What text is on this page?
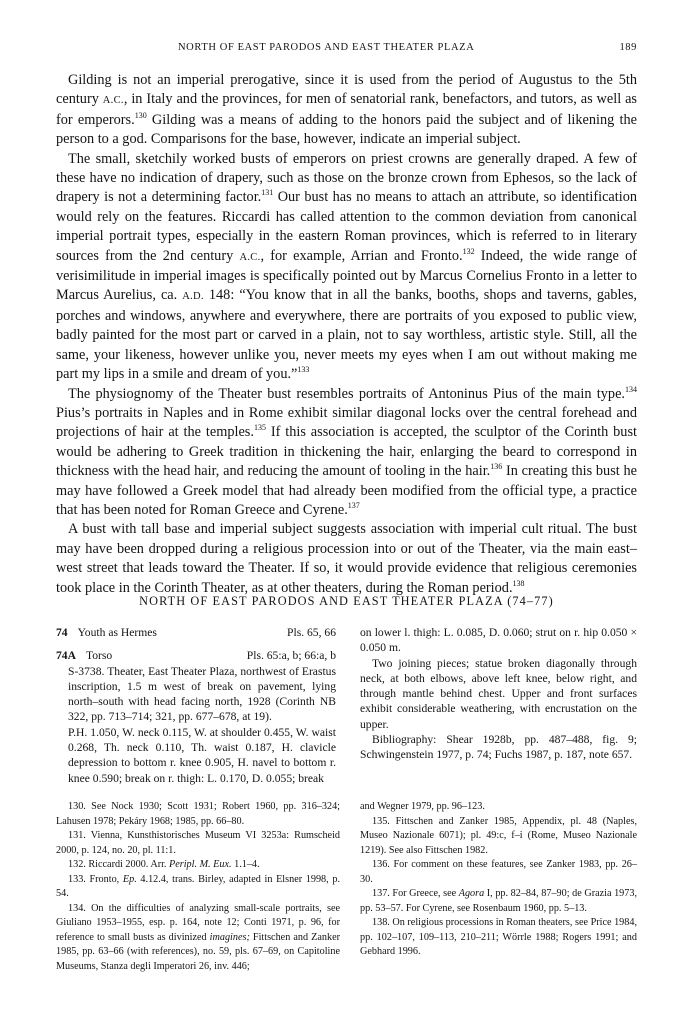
NORTH OF EAST PARODOS AND EAST THEATER PLAZA	189

Gilding is not an imperial prerogative, since it is used from the period of Augustus to the 5th century A.C., in Italy and the provinces, for men of senatorial rank, benefactors, and tutors, as well as for emperors.$^{130}$ Gilding was a means of adding to the honors paid the subject and of likening the person to a god. Comparisons for the base, however, indicate an imperial subject.

The small, sketchily worked busts of emperors on priest crowns are generally draped. A few of these have no indication of drapery, such as those on the bronze crown from Ephesos, so the lack of drapery is not a determining factor.$^{131}$ Our bust has no means to attach an attribute, so identification would rely on the features. Riccardi has called attention to the common deviation from canonical imperial portrait types, especially in the eastern Roman provinces, which is referred to in literary sources from the 2nd century A.C., for example, Arrian and Fronto.$^{132}$ Indeed, the wide range of verisimilitude in imperial images is specifically pointed out by Marcus Cornelius Fronto in a letter to Marcus Aurelius, ca. A.D. 148: “You know that in all the banks, booths, shops and taverns, gables, porches and windows, anywhere and everywhere, there are portraits of you exposed to public view, badly painted for the most part or carved in a plain, not to say worthless, artistic style. Still, all the same, your likeness, however unlike you, never meets my eyes when I am out without making me part my lips in a smile and dream of you.”$^{133}$

The physiognomy of the Theater bust resembles portraits of Antoninus Pius of the main type.$^{134}$ Pius’s portraits in Naples and in Rome exhibit similar diagonal locks over the central forehead and projections of hair at the temples.$^{135}$ If this association is accepted, the sculptor of the Corinth bust would be adhering to Greek tradition in thickening the hair, enlarging the beard to correspond in thickness with the head hair, and reducing the amount of tooling in the hair.$^{136}$ In creating this bust he may have followed a Greek model that had already been modified from the official type, a practice that has been noted for Roman Greece and Cyrene.$^{137}$

A bust with tall base and imperial subject suggests association with imperial cult ritual. The bust may have been dropped during a religious procession into or out of the Theater, via the main east–west street that leads toward the Theater. If so, it would provide evidence that religious ceremonies took place in the Corinth Theater, as at other theaters, during the Roman period.$^{138}$

NORTH OF EAST PARODOS AND EAST THEATER PLAZA (74–77)

74 Youth as Hermes	Pls. 65, 66

74A Torso	Pls. 65:a, b; 66:a, b

S-3738. Theater, East Theater Plaza, northwest of Erastus inscription, 1.5 m west of break on pavement, lying north–south with head facing north, 1928 (Corinth NB 322, pp. 713–714; 321, pp. 677–678, at 19).

P.H. 1.050, W. neck 0.115, W. at shoulder 0.455, W. waist 0.268, Th. neck 0.110, Th. waist 0.187, H. clavicle depression to bottom r. knee 0.905, H. navel to bottom r. knee 0.590; break on r. thigh: L. 0.170, D. 0.055; break

on lower l. thigh: L. 0.085, D. 0.060; strut on r. hip 0.050 × 0.050 m.

Two joining pieces; statue broken diagonally through neck, at both elbows, above left knee, below right, and through mantle behind chest. Upper and front surfaces exhibit considerable weathering, with encrustation on the upper.

Bibliography: Shear 1928b, pp. 487–488, fig. 9; Schwingenstein 1977, p. 74; Fuchs 1987, p. 187, note 657.

130. See Nock 1930; Scott 1931; Robert 1960, pp. 316–324; Lahusen 1978; Pekáry 1968; 1985, pp. 66–80.

131. Vienna, Kunsthistorisches Museum VI 3253a: Rumscheid 2000, p. 124, no. 20, pl. 11:1.

132. Riccardi 2000. Arr. Peripl. M. Eux. 1.1–4.

133. Fronto, Ep. 4.12.4, trans. Birley, adapted in Elsner 1998, p. 54.

134. On the difficulties of analyzing small-scale portraits, see Giuliano 1953–1955, esp. p. 164, note 12; Conti 1971, p. 96, for reference to small busts as divinized imagines; Fittschen and Zanker 1985, pp. 63–66 (with references), no. 59, pls. 67–69, on Capitoline Museums, Stanza degli Imperatori 26, inv. 446;

and Wegner 1979, pp. 96–123.

135. Fittschen and Zanker 1985, Appendix, pl. 48 (Naples, Museo Nazionale 6071); pl. 49:c, f–i (Rome, Museo Nazionale 1219). See also Fittschen 1982.

136. For comment on these features, see Zanker 1983, pp. 26–30.

137. For Greece, see Agora I, pp. 82–84, 87–90; de Grazia 1973, pp. 53–57. For Cyrene, see Rosenbaum 1960, pp. 5–13.

138. On religious processions in Roman theaters, see Price 1984, pp. 102–107, 109–113, 210–211; Wörrle 1988; Rogers 1991; and Gebhard 1996.
